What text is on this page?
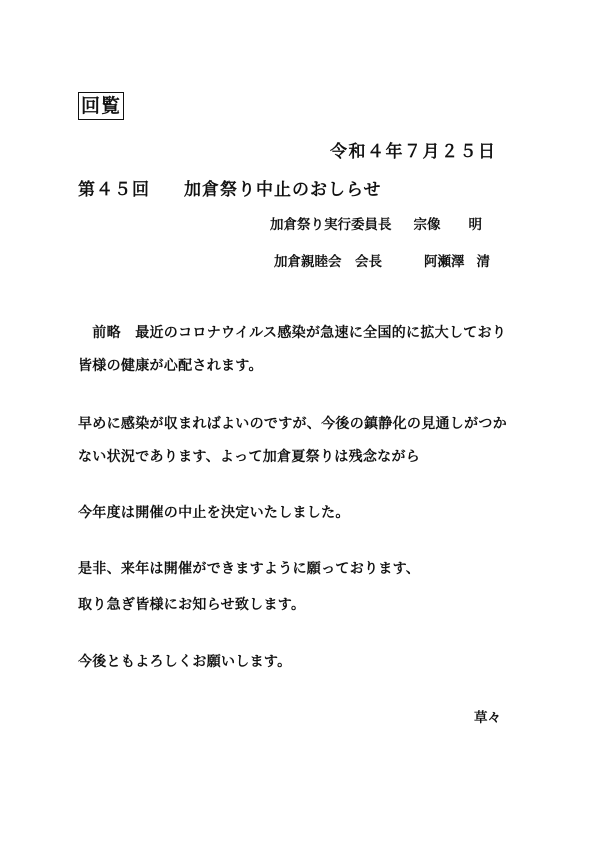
回覧
令和４年７月２５日
第４５回 加倉祭り中止のおしらせ
加倉祭り実行委員長 宗像 明
加倉親睦会　会長	阿瀬澤 清
　前略　最近のコロナウイルス感染が急速に全国的に拡大しており
皆様の健康が心配されます。
早めに感染が収まればよいのですが、今後の鎮静化の見通しがつか
ない状況であります、よって加倉夏祭りは残念ながら
今年度は開催の中止を決定いたしました。
是非、来年は開催ができますように願っております、
取り急ぎ皆様にお知らせ致します。
今後ともよろしくお願いします。
草々
